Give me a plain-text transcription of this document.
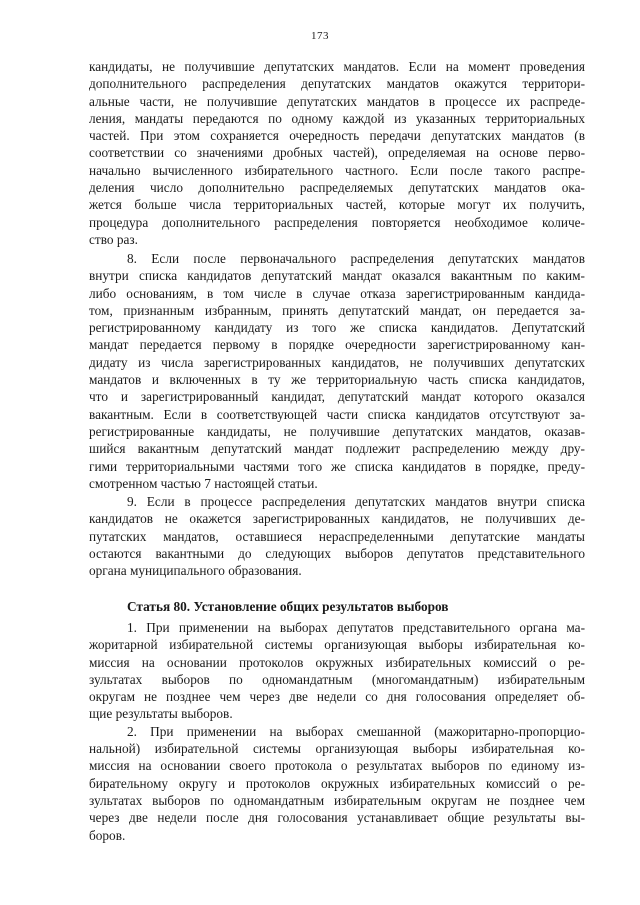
173
кандидаты, не получившие депутатских мандатов. Если на момент проведения
дополнительного распределения депутатских мандатов окажутся территори-
альные части, не получившие депутатских мандатов в процессе их распреде-
ления, мандаты передаются по одному каждой из указанных территориальных
частей. При этом сохраняется очередность передачи депутатских мандатов (в
соответствии со значениями дробных частей), определяемая на основе перво-
начально вычисленного избирательного частного. Если после такого распре-
деления число дополнительно распределяемых депутатских мандатов ока-
жется больше числа территориальных частей, которые могут их получить,
процедура дополнительного распределения повторяется необходимое количе-
ство раз.
8. Если после первоначального распределения депутатских мандатов
внутри списка кандидатов депутатский мандат оказался вакантным по каким-
либо основаниям, в том числе в случае отказа зарегистрированным кандида-
том, признанным избранным, принять депутатский мандат, он передается за-
регистрированному кандидату из того же списка кандидатов. Депутатский
мандат передается первому в порядке очередности зарегистрированному кан-
дидату из числа зарегистрированных кандидатов, не получивших депутатских
мандатов и включенных в ту же территориальную часть списка кандидатов,
что и зарегистрированный кандидат, депутатский мандат которого оказался
вакантным. Если в соответствующей части списка кандидатов отсутствуют за-
регистрированные кандидаты, не получившие депутатских мандатов, оказав-
шийся вакантным депутатский мандат подлежит распределению между дру-
гими территориальными частями того же списка кандидатов в порядке, преду-
смотренном частью 7 настоящей статьи.
9. Если в процессе распределения депутатских мандатов внутри списка
кандидатов не окажется зарегистрированных кандидатов, не получивших де-
путатских мандатов, оставшиеся нераспределенными депутатские мандаты
остаются вакантными до следующих выборов депутатов представительного
органа муниципального образования.
Статья 80. Установление общих результатов выборов
1. При применении на выборах депутатов представительного органа ма-
жоритарной избирательной системы организующая выборы избирательная ко-
миссия на основании протоколов окружных избирательных комиссий о ре-
зультатах выборов по одномандатным (многомандатным) избирательным
округам не позднее чем через две недели со дня голосования определяет об-
щие результаты выборов.
2. При применении на выборах смешанной (мажоритарно-пропорцио-
нальной) избирательной системы организующая выборы избирательная ко-
миссия на основании своего протокола о результатах выборов по единому из-
бирательному округу и протоколов окружных избирательных комиссий о ре-
зультатах выборов по одномандатным избирательным округам не позднее чем
через две недели после дня голосования устанавливает общие результаты вы-
боров.
